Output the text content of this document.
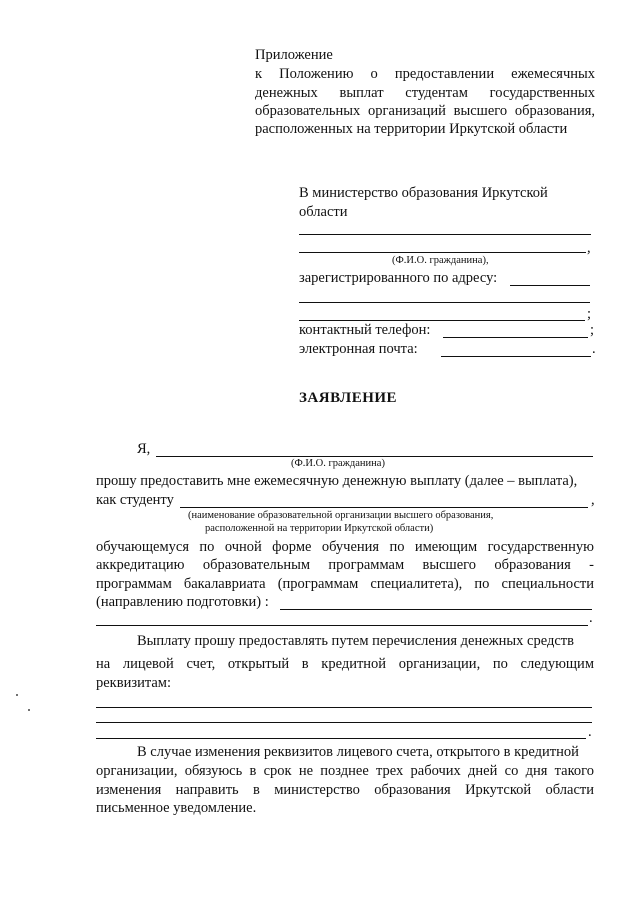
Приложение
к Положению о предоставлении ежемесячных
денежных выплат студентам государственных
образовательных организаций высшего образования,
расположенных на территории Иркутской области
В министерство образования Иркутской
области
,
(Ф.И.О. гражданина),
зарегистрированного по адресу:
;
контактный телефон:	;
электронная почта:	.
ЗАЯВЛЕНИЕ
Я,
(Ф.И.О. гражданина)
прошу предоставить мне ежемесячную денежную выплату (далее – выплата),
как студенту	,
(наименование образовательной организации высшего образования,
расположенной на территории Иркутской области)
обучающемуся по очной форме обучения по имеющим государственную
аккредитацию образовательным программам высшего образования -
программам бакалавриата (программам специалитета), по специальности
(направлению подготовки) :
.
Выплату прошу предоставлять путем перечисления денежных средств
на лицевой счет, открытый в кредитной организации, по следующим
реквизитам:
.
В случае изменения реквизитов лицевого счета, открытого в кредитной
организации, обязуюсь в срок не позднее трех рабочих дней со дня такого
изменения направить в министерство образования Иркутской области
письменное уведомление.
